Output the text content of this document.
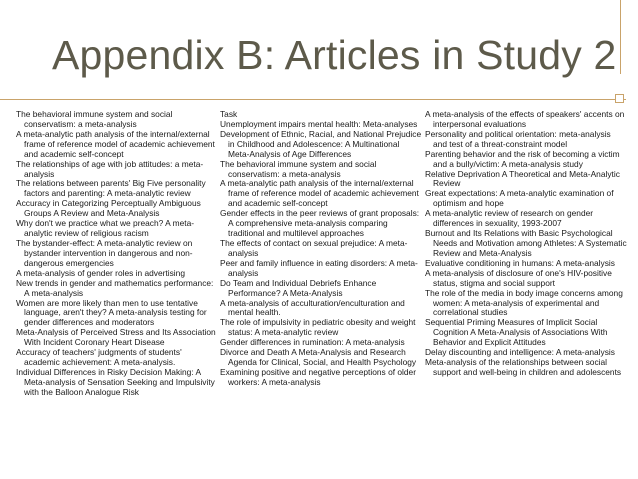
Appendix B: Articles in Study 2
The behavioral immune system and social conservatism: a meta-analysis
A meta-analytic path analysis of the internal/external frame of reference model of academic achievement and academic self-concept
The relationships of age with job attitudes: a meta-analysis
The relations between parents' Big Five personality factors and parenting: A meta-analytic review
Accuracy in Categorizing Perceptually Ambiguous Groups A Review and Meta-Analysis
Why don't we practice what we preach? A meta-analytic review of religious racism
The bystander-effect: A meta-analytic review on bystander intervention in dangerous and non-dangerous emergencies
A meta-analysis of gender roles in advertising
New trends in gender and mathematics performance: A meta-analysis
Women are more likely than men to use tentative language, aren't they? A meta-analysis testing for gender differences and moderators
Meta-Analysis of Perceived Stress and Its Association With Incident Coronary Heart Disease
Accuracy of teachers' judgments of students' academic achievement: A meta-analysis.
Individual Differences in Risky Decision Making: A Meta-analysis of Sensation Seeking and Impulsivity with the Balloon Analogue Risk
Task
Unemployment impairs mental health: Meta-analyses
Development of Ethnic, Racial, and National Prejudice in Childhood and Adolescence: A Multinational Meta-Analysis of Age Differences
The behavioral immune system and social conservatism: a meta-analysis
A meta-analytic path analysis of the internal/external frame of reference model of academic achievement and academic self-concept
Gender effects in the peer reviews of grant proposals: A comprehensive meta-analysis comparing traditional and multilevel approaches
The effects of contact on sexual prejudice: A meta-analysis
Peer and family influence in eating disorders: A meta-analysis
Do Team and Individual Debriefs Enhance Performance? A Meta-Analysis
A meta-analysis of acculturation/enculturation and mental health.
The role of impulsivity in pediatric obesity and weight status: A meta-analytic review
Gender differences in rumination: A meta-analysis
Divorce and Death A Meta-Analysis and Research Agenda for Clinical, Social, and Health Psychology
Examining positive and negative perceptions of older workers: A meta-analysis
A meta-analysis of the effects of speakers' accents on interpersonal evaluations
Personality and political orientation: meta-analysis and test of a threat-constraint model
Parenting behavior and the risk of becoming a victim and a bully/victim: A meta-analysis study
Relative Deprivation A Theoretical and Meta-Analytic Review
Great expectations: A meta-analytic examination of optimism and hope
A meta-analytic review of research on gender differences in sexuality, 1993-2007
Burnout and Its Relations with Basic Psychological Needs and Motivation among Athletes: A Systematic Review and Meta-Analysis
Evaluative conditioning in humans: A meta-analysis
A meta-analysis of disclosure of one's HIV-positive status, stigma and social support
The role of the media in body image concerns among women: A meta-analysis of experimental and correlational studies
Sequential Priming Measures of Implicit Social Cognition A Meta-Analysis of Associations With Behavior and Explicit Attitudes
Delay discounting and intelligence: A meta-analysis
Meta-analysis of the relationships between social support and well-being in children and adolescents
